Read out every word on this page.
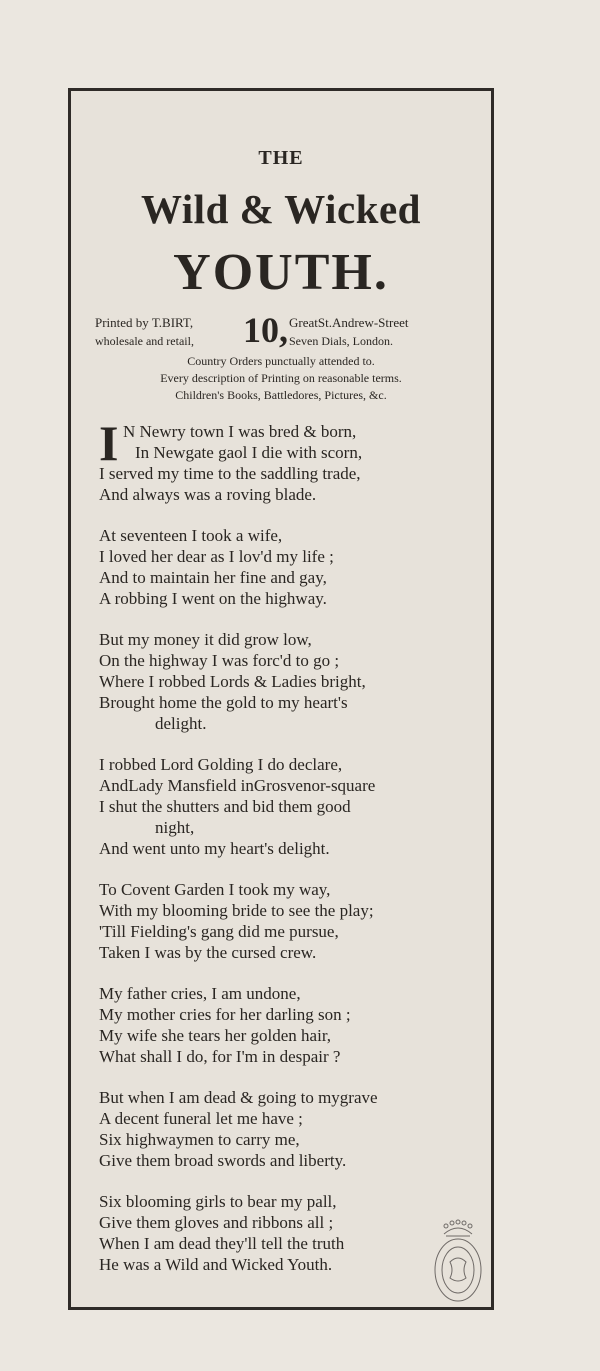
THE
Wild & Wicked
YOUTH.
Printed by T.BIRT,
wholesale and retail, 10, GreatSt.Andrew-Street
Seven Dials, London.
Country Orders punctually attended to.
Every description of Printing on reasonable terms.
Children's Books, Battledores, Pictures, &c.
I N Newry town I was bred & born,
In Newgate gaol I die with scorn,
I served my time to the saddling trade,
And always was a roving blade.
At seventeen I took a wife,
I loved her dear as I lov'd my life ;
And to maintain her fine and gay,
A robbing I went on the highway.
But my money it did grow low,
On the highway I was forc'd to go ;
Where I robbed Lords & Ladies bright,
Brought home the gold to my heart's
delight.
I robbed Lord Golding I do declare,
AndLady Mansfield inGrosvenor-square
I shut the shutters and bid them good
night,
And went unto my heart's delight.
To Covent Garden I took my way,
With my blooming bride to see the play;
'Till Fielding's gang did me pursue,
Taken I was by the cursed crew.
My father cries, I am undone,
My mother cries for her darling son ;
My wife she tears her golden hair,
What shall I do, for I'm in despair ?
But when I am dead & going to mygrave
A decent funeral let me have ;
Six highwaymen to carry me,
Give them broad swords and liberty.
Six blooming girls to bear my pall,
Give them gloves and ribbons all ;
When I am dead they'll tell the truth
He was a Wild and Wicked Youth.
